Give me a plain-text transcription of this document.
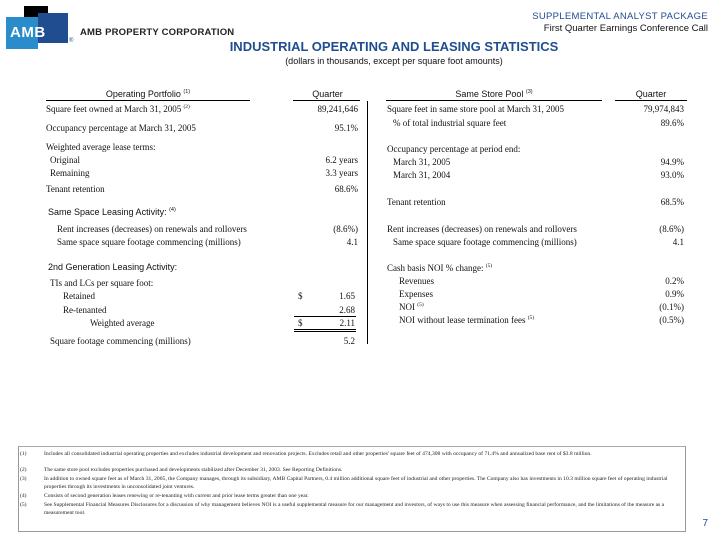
AMB	®
AMB PROPERTY CORPORATION
SUPPLEMENTAL ANALYST PACKAGE
First Quarter Earnings Conference Call
INDUSTRIAL OPERATING AND LEASING STATISTICS
(dollars in thousands, except per square foot amounts)
Operating Portfolio $^{(1)}$	Quarter
Square feet owned at March 31, 2005 $^{(2)}$	89,241,646
Occupancy percentage at March 31, 2005	95.1%
Weighted average lease terms:
Original	6.2 years
Remaining	3.3 years
Tenant retention	68.6%
Same Space Leasing Activity: $^{(4)}$
Rent increases (decreases) on renewals and rollovers	(8.6%)
Same space square footage commencing (millions)	4.1
2nd Generation Leasing Activity:
TIs and LCs per square foot:
Retained	$	1.65
Re-tenanted	2.68
Weighted average	$	2.11
Square footage commencing (millions)	5.2
Same Store Pool $^{(3)}$	Quarter
Square feet in same store pool at March 31, 2005	79,974,843
% of total industrial square feet	89.6%
Occupancy percentage at period end:
March 31, 2005	94.9%
March 31, 2004	93.0%
Tenant retention	68.5%
Rent increases (decreases) on renewals and rollovers	(8.6%)
Same space square footage commencing (millions)	4.1
Cash basis NOI % change: $^{(5)}$
Revenues	0.2%
Expenses	0.9%
NOI $^{(5)}$	(0.1%)
NOI without lease termination fees $^{(5)}$	(0.5%)
(1)	Includes all consolidated industrial operating properties and excludes industrial development and renovation projects. Excludes retail and other properties' square feet of 474,308 with occupancy of 71.4% and annualized base rent of $3.8 million.
(2)	The same store pool excludes properties purchased and developments stabilized after December 31, 2003. See Reporting Definitions.
(3)	In addition to owned square feet as of March 31, 2005, the Company manages, through its subsidiary, AMB Capital Partners, 0.4 million additional square feet of industrial and other properties. The Company also has investments in 10.3 million square feet of operating industrial properties through its investments in unconsolidated joint ventures.
(4)	Consists of second generation leases renewing or re-tenanting with current and prior lease terms greater than one year.
(5)	See Supplemental Financial Measures Disclosures for a discussion of why management believes NOI is a useful supplemental measure for our management and investors, of ways to use this measure when assessing financial performance, and the limitations of the measure as a measurement tool.
7
